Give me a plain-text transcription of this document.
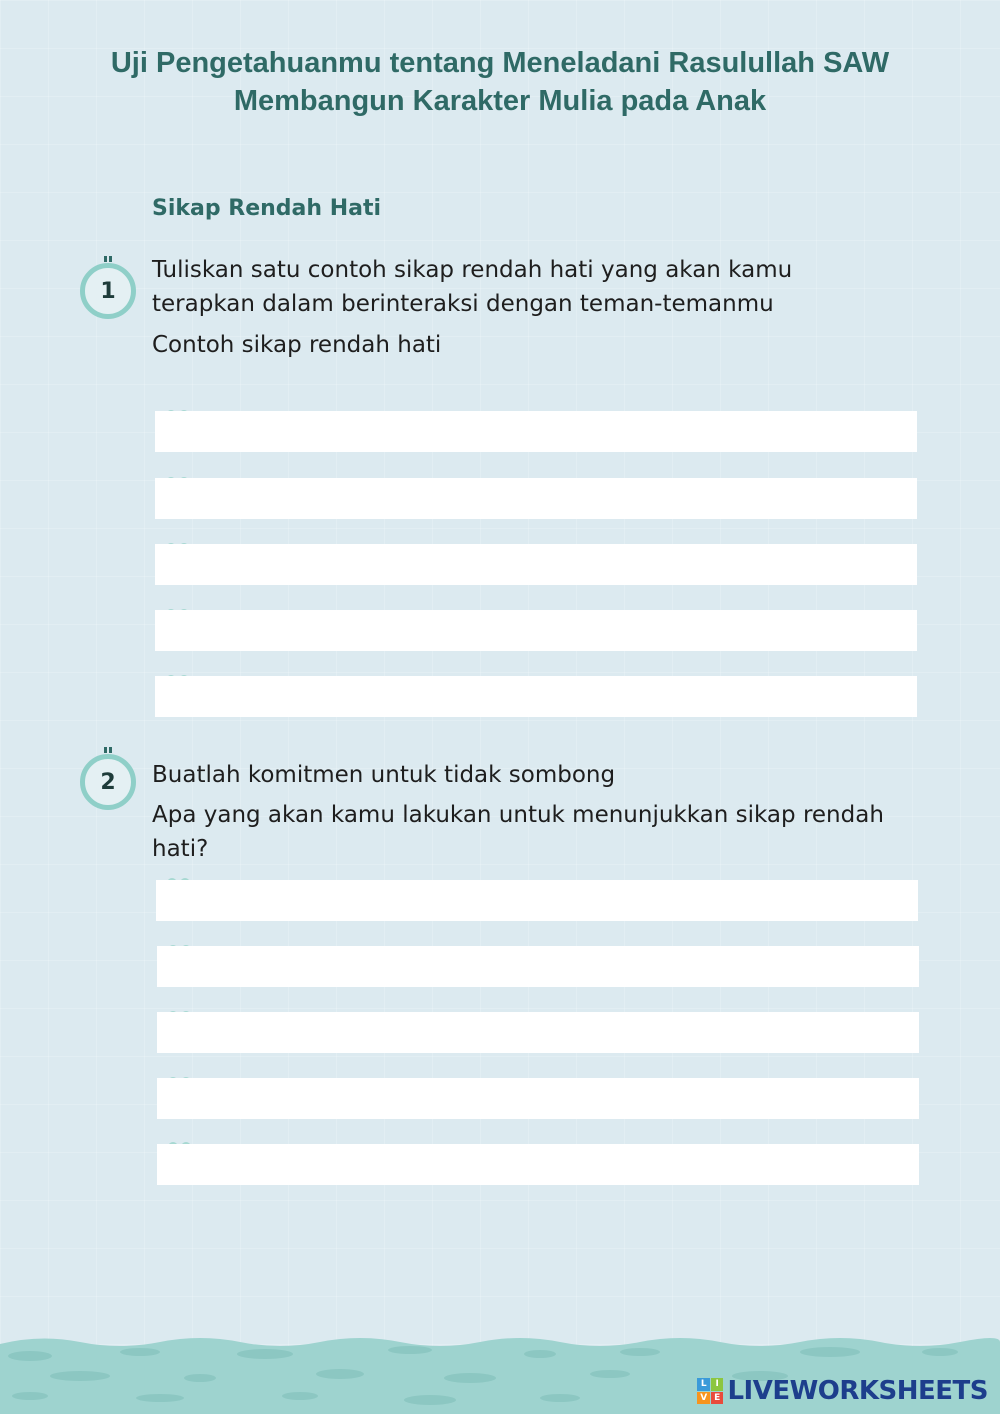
Uji Pengetahuanmu tentang Meneladani Rasulullah SAW Membangun Karakter Mulia pada Anak
Sikap Rendah Hati
1

Tuliskan satu contoh sikap rendah hati yang akan kamu terapkan dalam berinteraksi dengan teman-temanmu

Contoh sikap rendah hati

2 Buatlah komitmen untuk tidak sombong

Apa yang akan kamu lakukan untuk menunjukkan sikap rendah hati?

L I
V E LIVEWORKSHEETS
